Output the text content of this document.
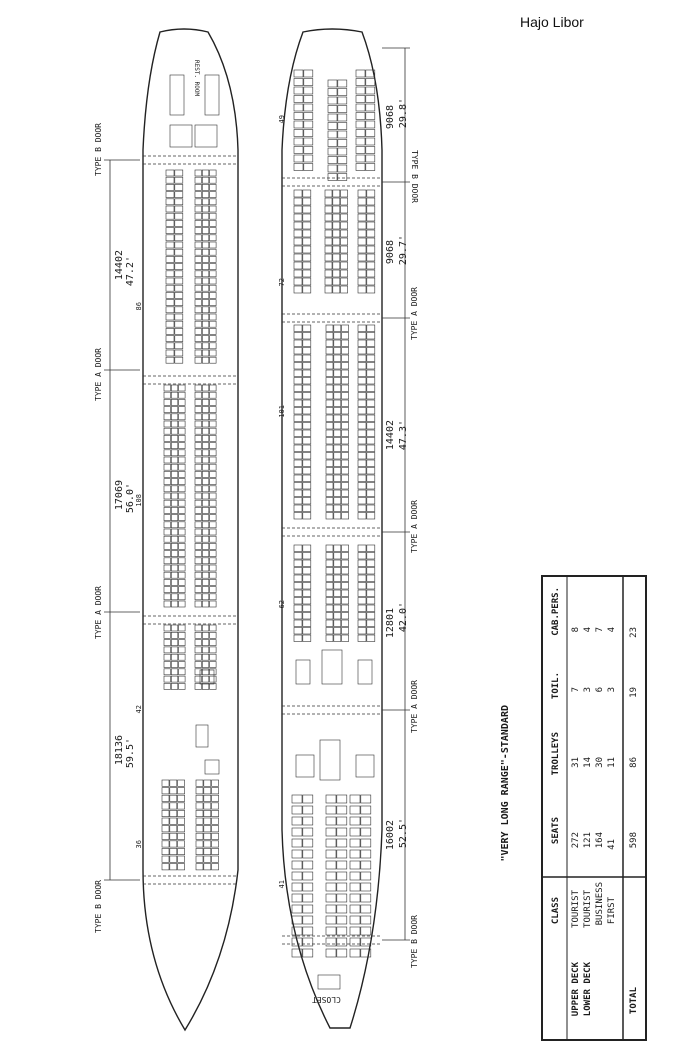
Hajo Libor
TYPE B DOOR
TYPE A DOOR
TYPE A DOOR
TYPE B DOOR
14402 47.2'
17069 56.0'
18136 59.5'
86
108
42
36
REST. ROOM
TYPE B DOOR
TYPE A DOOR
TYPE A DOOR
TYPE A DOOR
TYPE B DOOR
9068 29.8'
9068 29.7'
14402 47.3'
12801 42.0'
16002 52.5'
49
72
101
62
41
CLOSET
"VERY LONG RANGE"-STANDARD
CLASS
SEATS
TROLLEYS
TOIL.
CAB.PERS.
UPPER DECK
TOURIST
272
31
7
8
LOWER DECK
TOURIST
121
14
3
4
BUSINESS
164
30
6
7
FIRST
41
11
3
4
TOTAL
598
86
19
23
